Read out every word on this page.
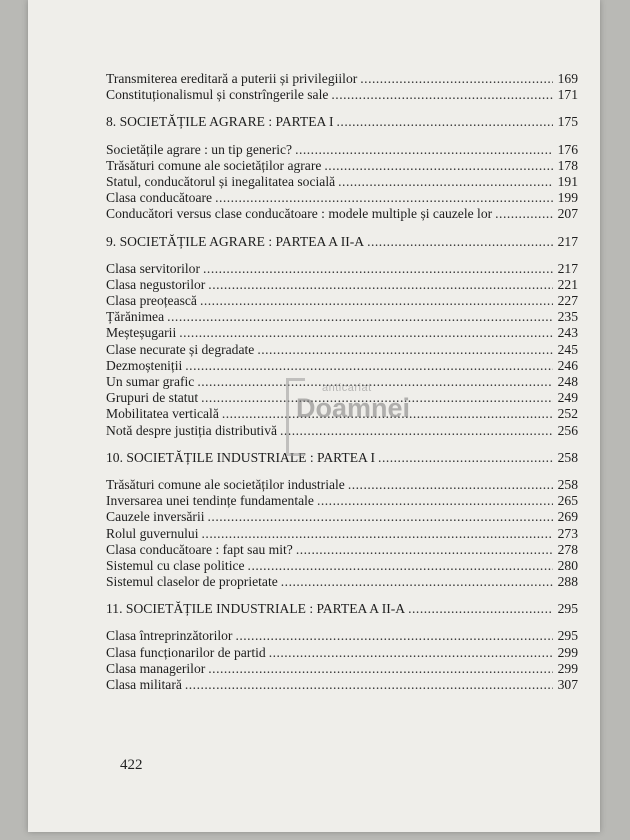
Transmiterea ereditară a puterii și privilegiilor .....	169
Constituționalismul și constrîngerile sale .....	171
8. SOCIETĂȚILE AGRARE : PARTEA I .....	175
Societățile agrare : un tip generic? .....	176
Trăsături comune ale societăților agrare .....	178
Statul, conducătorul și inegalitatea socială .....	191
Clasa conducătoare .....	199
Conducători versus clase conducătoare : modele multiple și cauzele lor .....	207
9. SOCIETĂȚILE AGRARE : PARTEA A II-A .....	217
Clasa servitorilor .....	217
Clasa negustorilor .....	221
Clasa preoțească .....	227
Țărănimea .....	235
Meșteșugarii .....	243
Clase necurate și degradate .....	245
Dezmoșteniții .....	246
Un sumar grafic .....	248
Grupuri de statut .....	249
Mobilitatea verticală .....	252
Notă despre justiția distributivă .....	256
10. SOCIETĂȚILE INDUSTRIALE : PARTEA I .....	258
Trăsături comune ale societăților industriale .....	258
Inversarea unei tendințe fundamentale .....	265
Cauzele inversării .....	269
Rolul guvernului .....	273
Clasa conducătoare : fapt sau mit? .....	278
Sistemul cu clase politice .....	280
Sistemul claselor de proprietate .....	288
11. SOCIETĂȚILE INDUSTRIALE : PARTEA A II-A .....	295
Clasa întreprinzătorilor .....	295
Clasa funcționarilor de partid .....	299
Clasa managerilor .....	299
Clasa militară .....	307
anticariat
Doamnei
422
